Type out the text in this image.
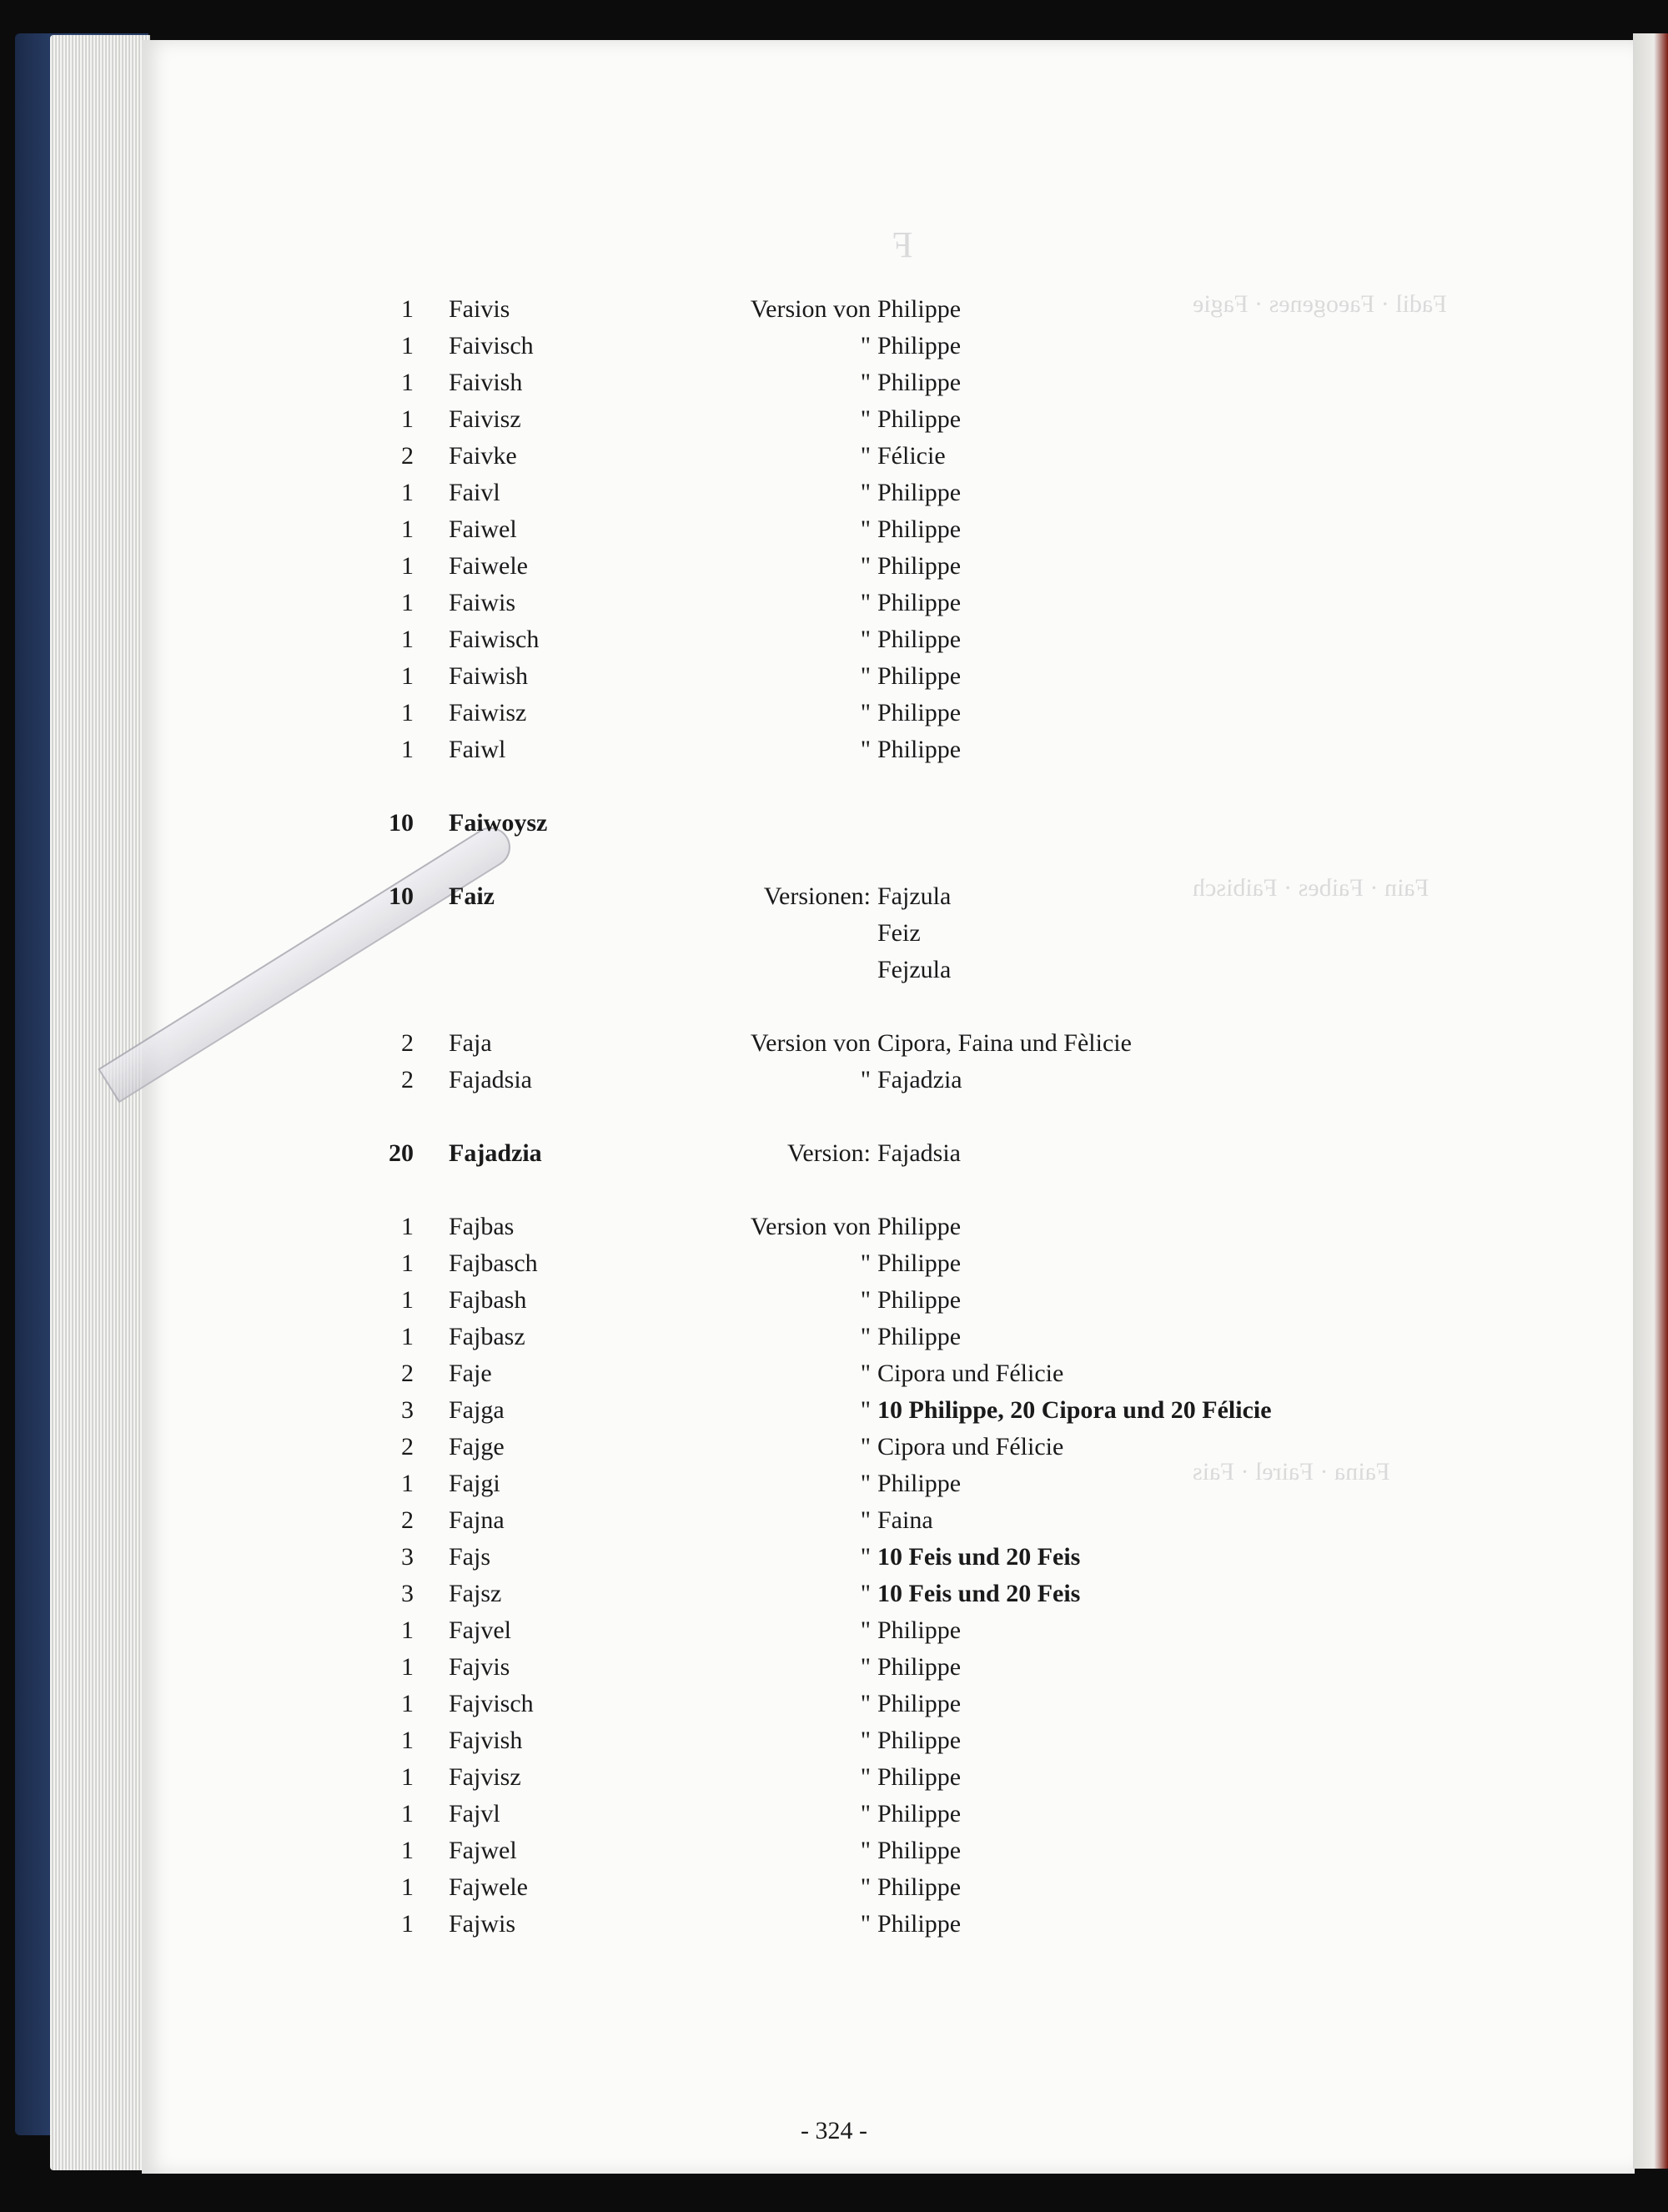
F
Fadil · Faeogenes · Fagie
Fain · Faibes · Faibisch
Faina · Fairel · Fais
1 Faivis	Version von Philippe
1 Faivisch	" Philippe
1 Faivish	" Philippe
1 Faivisz	" Philippe
2 Faivke	" Félicie
1 Faivl	" Philippe
1 Faiwel	" Philippe
1 Faiwele	" Philippe
1 Faiwis	" Philippe
1 Faiwisch	" Philippe
1 Faiwish	" Philippe
1 Faiwisz	" Philippe
1 Faiwl	" Philippe
10 Faiwoysz
10 Faiz	Versionen: Fajzula
Feiz
Fejzula
2 Faja	Version von Cipora, Faina und Fèlicie
2 Fajadsia	" Fajadzia
20 Fajadzia	Version: Fajadsia
1 Fajbas	Version von Philippe
1 Fajbasch	" Philippe
1 Fajbash	" Philippe
1 Fajbasz	" Philippe
2 Faje	" Cipora und Félicie
3 Fajga	" 10 Philippe, 20 Cipora und 20 Félicie
2 Fajge	" Cipora und Félicie
1 Fajgi	" Philippe
2 Fajna	" Faina
3 Fajs	" 10 Feis und 20 Feis
3 Fajsz	" 10 Feis und 20 Feis
1 Fajvel	" Philippe
1 Fajvis	" Philippe
1 Fajvisch	" Philippe
1 Fajvish	" Philippe
1 Fajvisz	" Philippe
1 Fajvl	" Philippe
1 Fajwel	" Philippe
1 Fajwele	" Philippe
1 Fajwis	" Philippe
- 324 -
